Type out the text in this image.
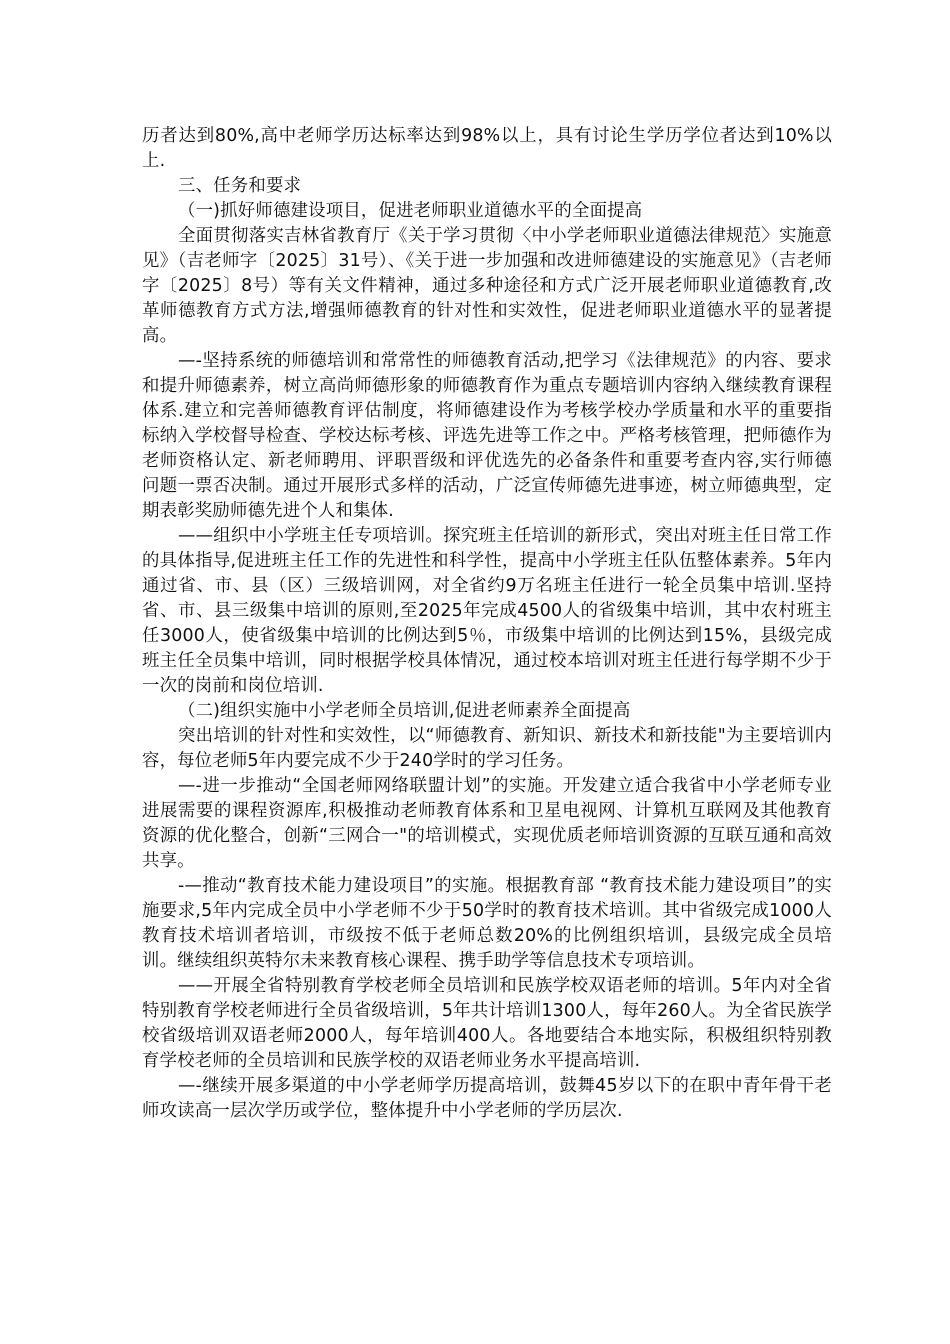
历者达到80%,高中老师学历达标率达到98%以上，具有讨论生学历学位者达到10%以上.

三、任务和要求

（一)抓好师德建设项目，促进老师职业道德水平的全面提高

全面贯彻落实吉林省教育厅《关于学习贯彻〈中小学老师职业道德法律规范〉实施意见》（吉老师字〔2025〕31号）、《关于进一步加强和改进师德建设的实施意见》（吉老师字〔2025〕8号）等有关文件精神，通过多种途径和方式广泛开展老师职业道德教育,改革师德教育方式方法,增强师德教育的针对性和实效性，促进老师职业道德水平的显著提高。

—-坚持系统的师德培训和常常性的师德教育活动,把学习《法律规范》的内容、要求和提升师德素养，树立高尚师德形象的师德教育作为重点专题培训内容纳入继续教育课程体系.建立和完善师德教育评估制度，将师德建设作为考核学校办学质量和水平的重要指标纳入学校督导检查、学校达标考核、评选先进等工作之中。严格考核管理，把师德作为老师资格认定、新老师聘用、评职晋级和评优选先的必备条件和重要考查内容,实行师德问题一票否决制。通过开展形式多样的活动，广泛宣传师德先进事迹，树立师德典型，定期表彰奖励师德先进个人和集体.

——组织中小学班主任专项培训。探究班主任培训的新形式，突出对班主任日常工作的具体指导,促进班主任工作的先进性和科学性，提高中小学班主任队伍整体素养。5年内通过省、市、县（区）三级培训网，对全省约9万名班主任进行一轮全员集中培训.坚持省、市、县三级集中培训的原则,至2025年完成4500人的省级集中培训，其中农村班主任3000人，使省级集中培训的比例达到5％，市级集中培训的比例达到15%，县级完成班主任全员集中培训，同时根据学校具体情况，通过校本培训对班主任进行每学期不少于一次的岗前和岗位培训.

（二)组织实施中小学老师全员培训,促进老师素养全面提高

突出培训的针对性和实效性，以“师德教育、新知识、新技术和新技能"为主要培训内容，每位老师5年内要完成不少于240学时的学习任务。

—-进一步推动“全国老师网络联盟计划”的实施。开发建立适合我省中小学老师专业进展需要的课程资源库,积极推动老师教育体系和卫星电视网、计算机互联网及其他教育资源的优化整合，创新“三网合一"的培训模式，实现优质老师培训资源的互联互通和高效共享。

-—推动“教育技术能力建设项目”的实施。根据教育部 “教育技术能力建设项目”的实施要求,5年内完成全员中小学老师不少于50学时的教育技术培训。其中省级完成1000人教育技术培训者培训，市级按不低于老师总数20%的比例组织培训，县级完成全员培训。继续组织英特尔未来教育核心课程、携手助学等信息技术专项培训。

——开展全省特别教育学校老师全员培训和民族学校双语老师的培训。5年内对全省特别教育学校老师进行全员省级培训，5年共计培训1300人，每年260人。为全省民族学校省级培训双语老师2000人，每年培训400人。各地要结合本地实际，积极组织特别教育学校老师的全员培训和民族学校的双语老师业务水平提高培训.

—-继续开展多渠道的中小学老师学历提高培训，鼓舞45岁以下的在职中青年骨干老师攻读高一层次学历或学位，整体提升中小学老师的学历层次.
